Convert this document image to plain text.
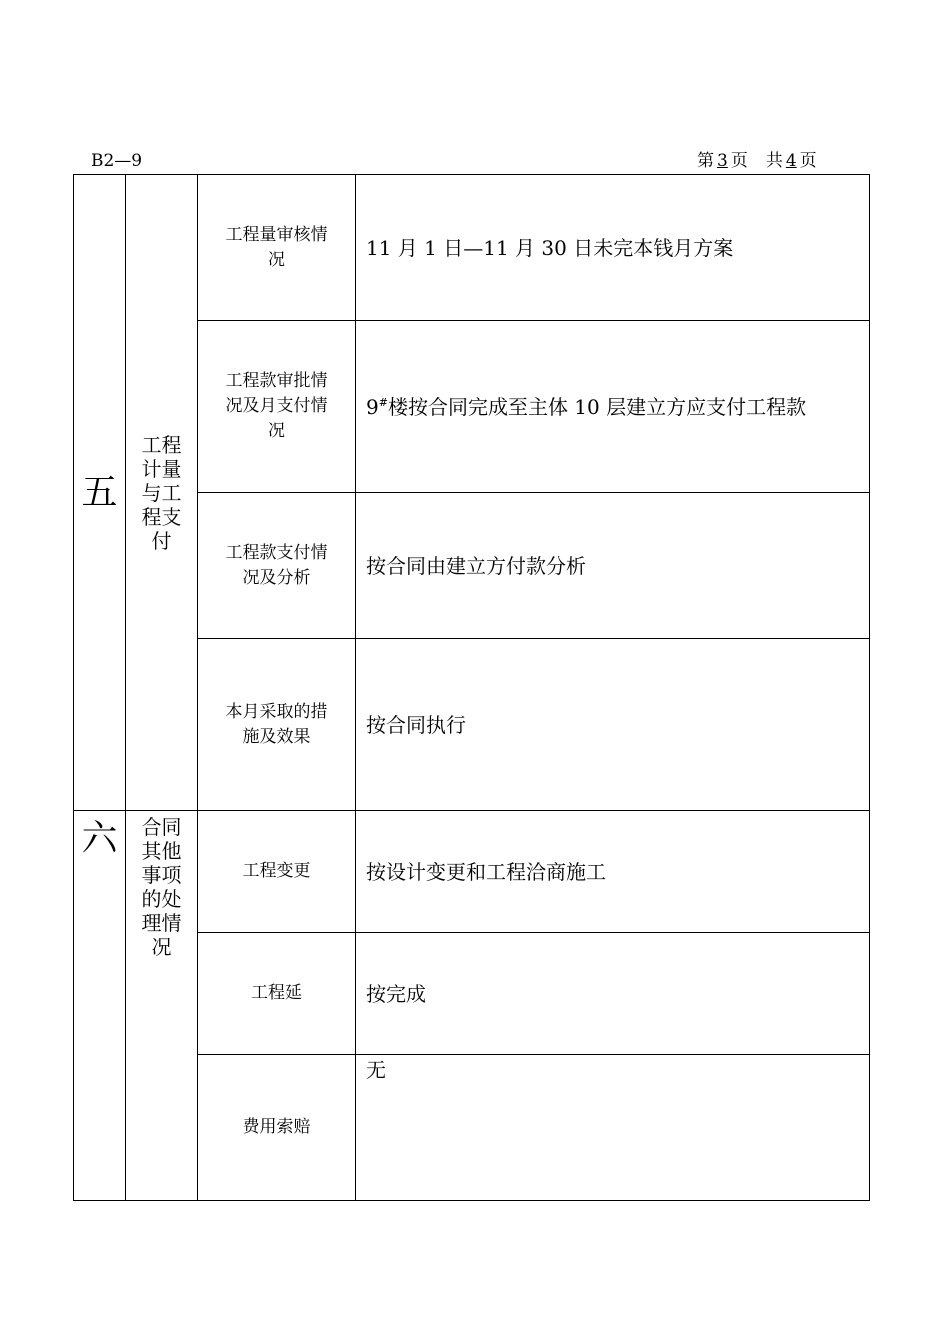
B2—9	第 3 页 共 4 页
五	工程计量与工程支付	工程量审核情况	11 月 1 日—11 月 30 日未完本钱月方案
		工程款审批情况及月支付情况	9#楼按合同完成至主体 10 层建立方应支付工程款
		工程款支付情况及分析	按合同由建立方付款分析
		本月采取的措施及效果	按合同执行
六	合同其他事项的处理情况	工程变更	按设计变更和工程洽商施工
		工程延	按完成
		费用索赔	无
